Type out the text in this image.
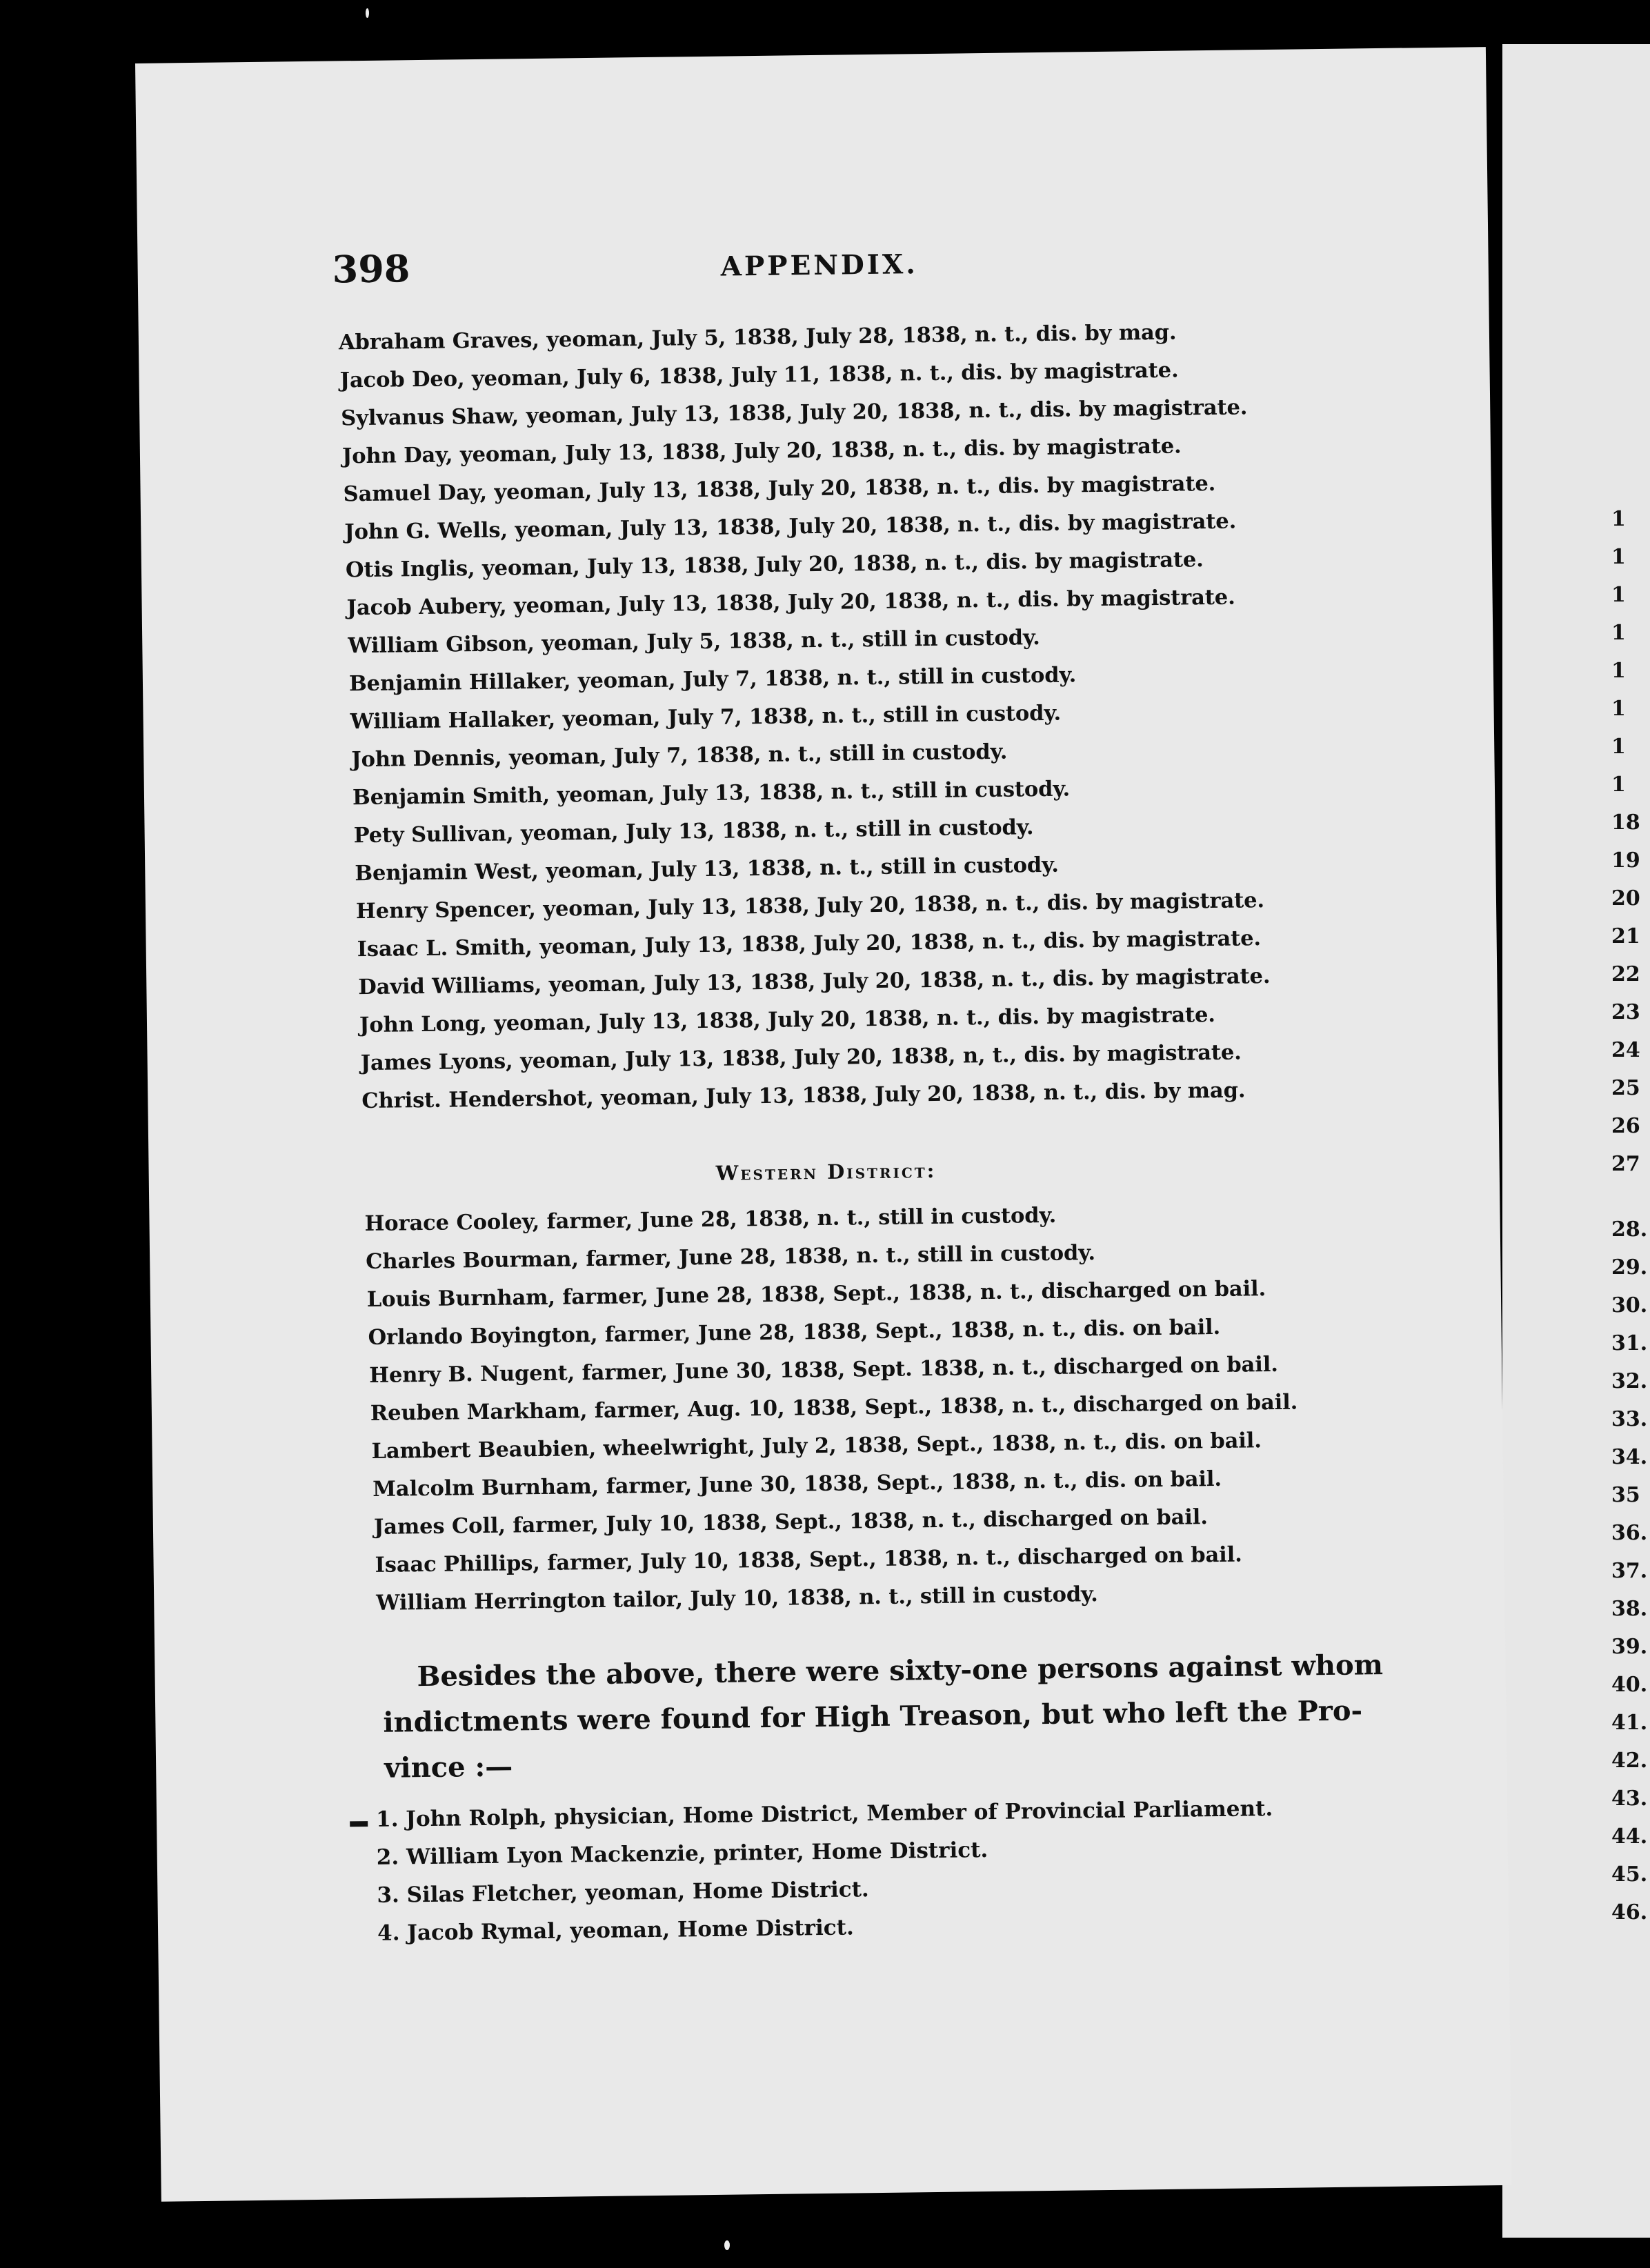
398	APPENDIX.
Abraham Graves, yeoman, July 5, 1838, July 28, 1838, n. t., dis. by mag.
Jacob Deo, yeoman, July 6, 1838, July 11, 1838, n. t., dis. by magistrate.
Sylvanus Shaw, yeoman, July 13, 1838, July 20, 1838, n. t., dis. by magistrate.
John Day, yeoman, July 13, 1838, July 20, 1838, n. t., dis. by magistrate.
Samuel Day, yeoman, July 13, 1838, July 20, 1838, n. t., dis. by magistrate.
John G. Wells, yeoman, July 13, 1838, July 20, 1838, n. t., dis. by magistrate.
Otis Inglis, yeoman, July 13, 1838, July 20, 1838, n. t., dis. by magistrate.
Jacob Aubery, yeoman, July 13, 1838, July 20, 1838, n. t., dis. by magistrate.
William Gibson, yeoman, July 5, 1838, n. t., still in custody.
Benjamin Hillaker, yeoman, July 7, 1838, n. t., still in custody.
William Hallaker, yeoman, July 7, 1838, n. t., still in custody.
John Dennis, yeoman, July 7, 1838, n. t., still in custody.
Benjamin Smith, yeoman, July 13, 1838, n. t., still in custody.
Pety Sullivan, yeoman, July 13, 1838, n. t., still in custody.
Benjamin West, yeoman, July 13, 1838, n. t., still in custody.
Henry Spencer, yeoman, July 13, 1838, July 20, 1838, n. t., dis. by magistrate.
Isaac L. Smith, yeoman, July 13, 1838, July 20, 1838, n. t., dis. by magistrate.
David Williams, yeoman, July 13, 1838, July 20, 1838, n. t., dis. by magistrate.
John Long, yeoman, July 13, 1838, July 20, 1838, n. t., dis. by magistrate.
James Lyons, yeoman, July 13, 1838, July 20, 1838, n, t., dis. by magistrate.
Christ. Hendershot, yeoman, July 13, 1838, July 20, 1838, n. t., dis. by mag.
Western District:
Horace Cooley, farmer, June 28, 1838, n. t., still in custody.
Charles Bourman, farmer, June 28, 1838, n. t., still in custody.
Louis Burnham, farmer, June 28, 1838, Sept., 1838, n. t., discharged on bail.
Orlando Boyington, farmer, June 28, 1838, Sept., 1838, n. t., dis. on bail.
Henry B. Nugent, farmer, June 30, 1838, Sept. 1838, n. t., discharged on bail.
Reuben Markham, farmer, Aug. 10, 1838, Sept., 1838, n. t., discharged on bail.
Lambert Beaubien, wheelwright, July 2, 1838, Sept., 1838, n. t., dis. on bail.
Malcolm Burnham, farmer, June 30, 1838, Sept., 1838, n. t., dis. on bail.
James Coll, farmer, July 10, 1838, Sept., 1838, n. t., discharged on bail.
Isaac Phillips, farmer, July 10, 1838, Sept., 1838, n. t., discharged on bail.
William Herrington tailor, July 10, 1838, n. t., still in custody.
Besides the above, there were sixty-one persons against whom
indictments were found for High Treason, but who left the Pro-
vince :—
1. John Rolph, physician, Home District, Member of Provincial Parliament.
2. William Lyon Mackenzie, printer, Home District.
3. Silas Fletcher, yeoman, Home District.
4. Jacob Rymal, yeoman, Home District.
1
1
1
1
1
1
1
1
18
19
20
21
22
23
24
25
26
27
28.
29.
30.
31.
32.
33.
34.
35
36.
37.
38.
39.
40.
41.
42.
43.
44.
45.
46.
